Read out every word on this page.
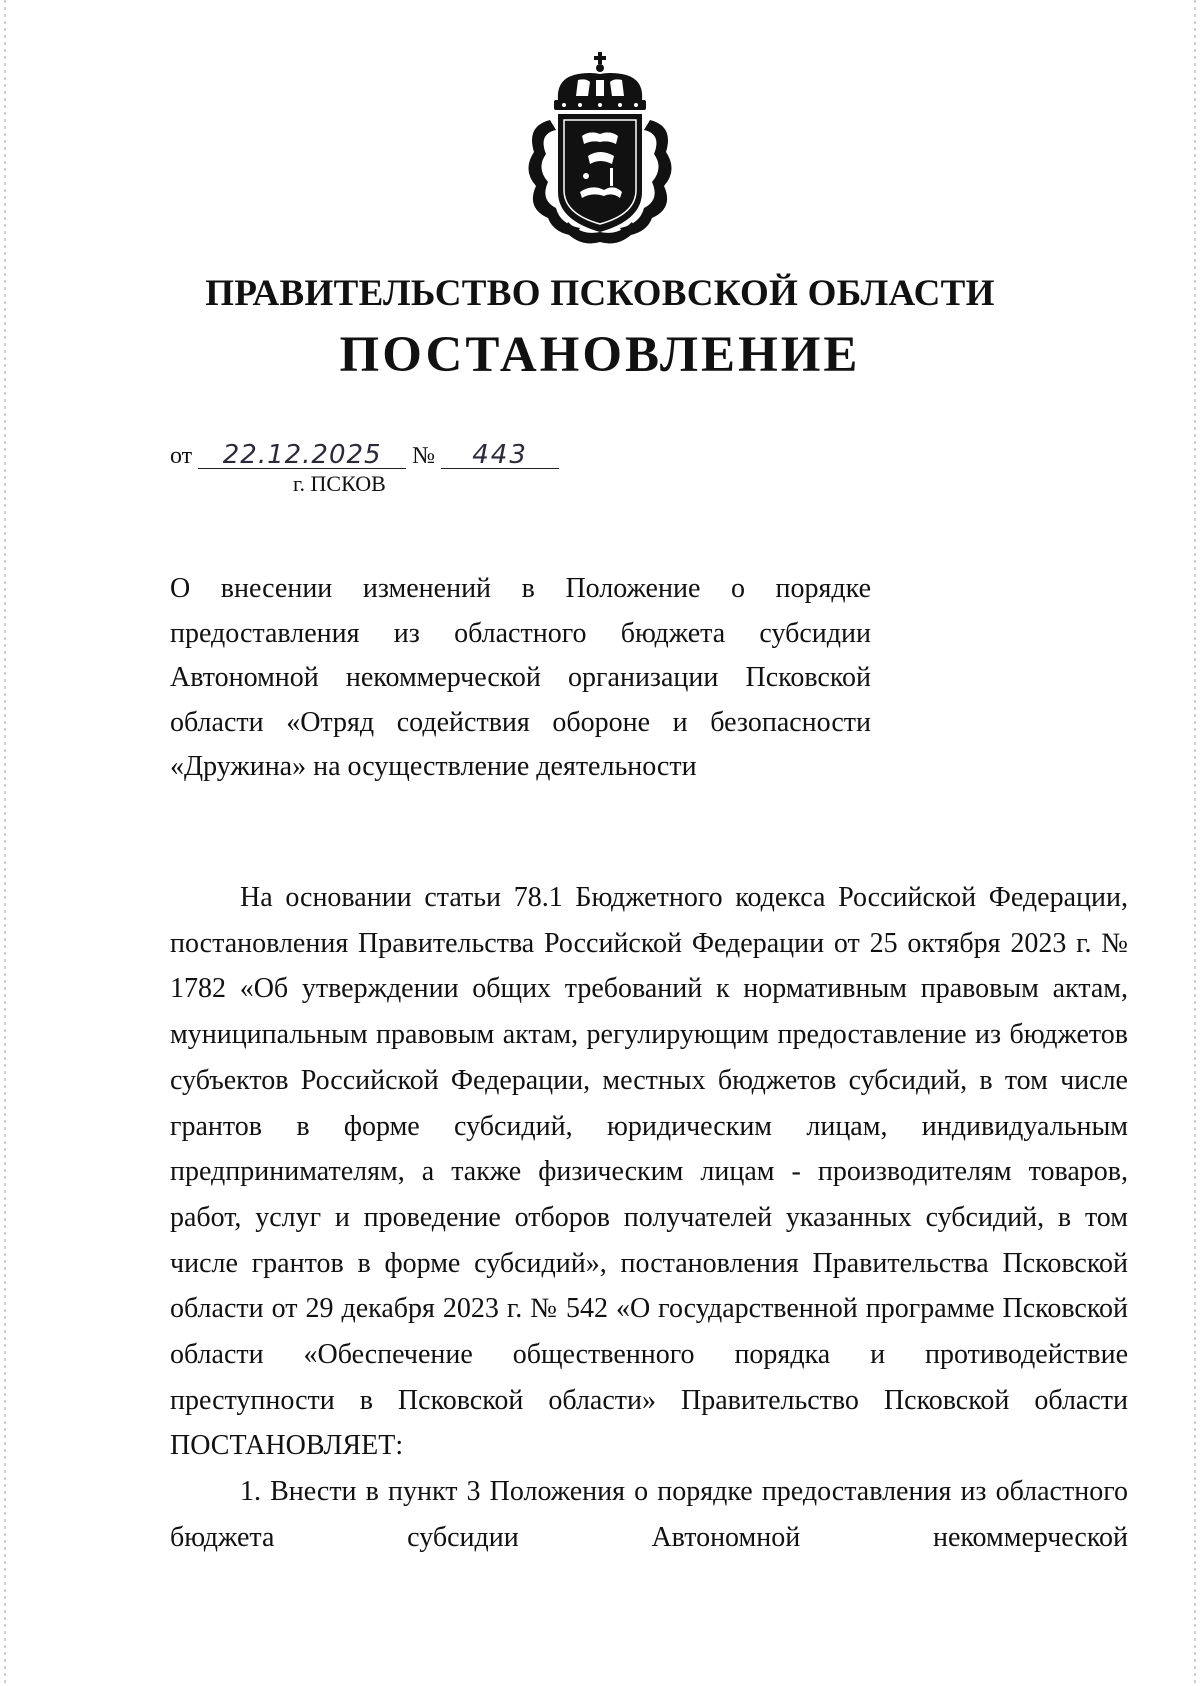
ПРАВИТЕЛЬСТВО ПСКОВСКОЙ ОБЛАСТИ
ПОСТАНОВЛЕНИЕ
от 22.12.2025 № 443
г. ПСКОВ

О внесении изменений в Положение о порядке предоставления из областного бюджета субсидии Автономной некоммерческой организации Псковской области «Отряд содействия обороне и безопасности «Дружина» на осуществление деятельности

На основании статьи 78.1 Бюджетного кодекса Российской Федерации, постановления Правительства Российской Федерации от 25 октября 2023 г. № 1782 «Об утверждении общих требований к нормативным правовым актам, муниципальным правовым актам, регулирующим предоставление из бюджетов субъектов Российской Федерации, местных бюджетов субсидий, в том числе грантов в форме субсидий, юридическим лицам, индивидуальным предпринимателям, а также физическим лицам - производителям товаров, работ, услуг и проведение отборов получателей указанных субсидий, в том числе грантов в форме субсидий», постановления Правительства Псковской области от 29 декабря 2023 г. № 542 «О государственной программе Псковской области «Обеспечение общественного порядка и противодействие преступности в Псковской области» Правительство Псковской области ПОСТАНОВЛЯЕТ:

1. Внести в пункт 3 Положения о порядке предоставления из областного бюджета субсидии Автономной некоммерческой
